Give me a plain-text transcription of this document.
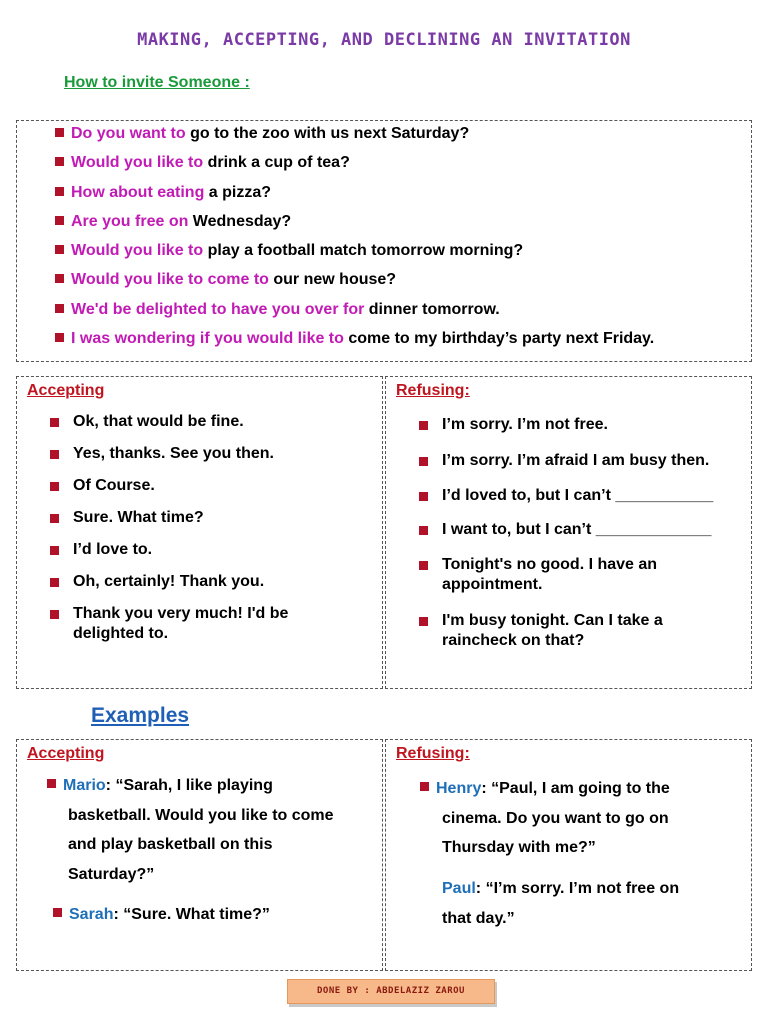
MAKING, ACCEPTING, AND DECLINING AN INVITATION
How to invite Someone :
Do you want to go to the zoo with us next Saturday?
Would you like to drink a cup of tea?
How about eating a pizza?
Are you free on Wednesday?
Would you like to play a football match tomorrow morning?
Would you like to come to our new house?
We'd be delighted to have you over for dinner tomorrow.
I was wondering if you would like to come to my birthday’s party next Friday.
Accepting
Ok, that would be fine.
Yes, thanks. See you then.
Of Course.
Sure. What time?
I’d love to.
Oh, certainly! Thank you.
Thank you very much! I'd be delighted to.
Refusing:
I’m sorry. I’m not free.
I’m sorry. I’m afraid I am busy then.
I’d loved to, but I can’t ___________
I want to, but I can’t _____________
Tonight's no good. I have an appointment.
I'm busy tonight. Can I take a raincheck on that?
Examples
Accepting
Mario: “Sarah, I like playing
basketball. Would you like to come
and play basketball on this
Saturday?”
Sarah: “Sure. What time?”
Refusing:
Henry: “Paul, I am going to the
cinema. Do you want to go on
Thursday with me?”
Paul: “I’m sorry. I’m not free on
that day.”
DONE BY : ABDELAZIZ ZAROU
